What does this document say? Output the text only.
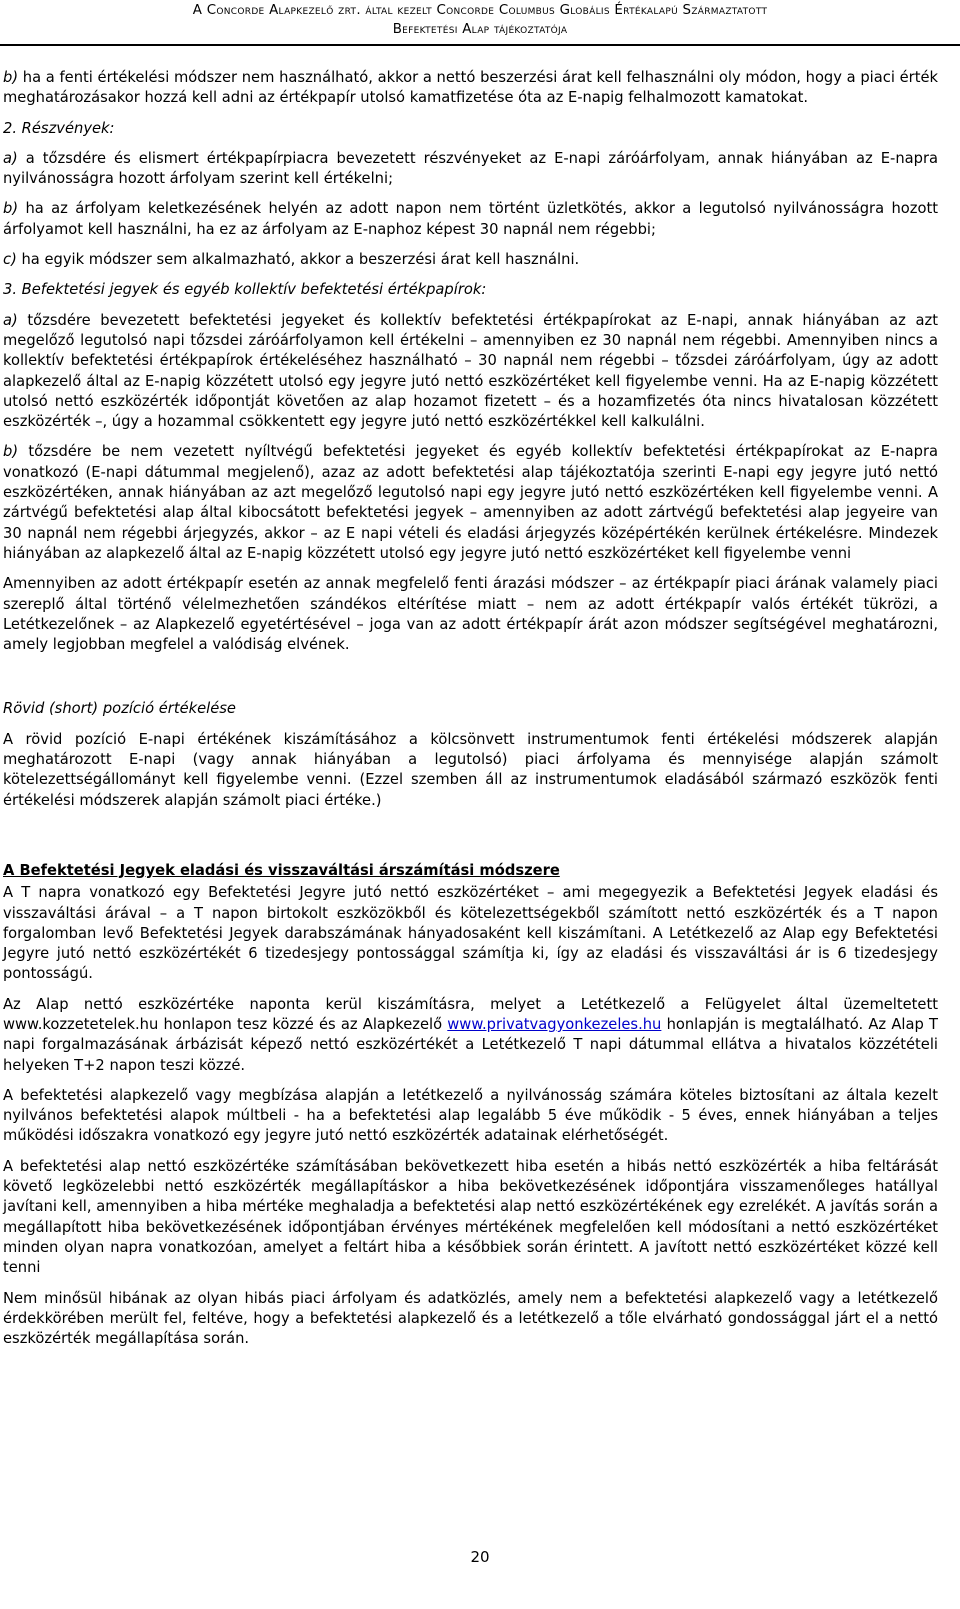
A Concorde Alapkezelő zrt. által kezelt Concorde Columbus Globális Értékalapú Származtatott
Befektetési Alap tájékoztatója

b) ha a fenti értékelési módszer nem használható, akkor a nettó beszerzési árat kell felhasználni oly módon, hogy a piaci érték meghatározásakor hozzá kell adni az értékpapír utolsó kamatfizetése óta az E-napig felhalmozott kamatokat.

2. Részvények:

a) a tőzsdére és elismert értékpapírpiacra bevezetett részvényeket az E-napi záróárfolyam, annak hiányában az E-napra nyilvánosságra hozott árfolyam szerint kell értékelni;

b) ha az árfolyam keletkezésének helyén az adott napon nem történt üzletkötés, akkor a legutolsó nyilvánosságra hozott árfolyamot kell használni, ha ez az árfolyam az E-naphoz képest 30 napnál nem régebbi;

c) ha egyik módszer sem alkalmazható, akkor a beszerzési árat kell használni.

3. Befektetési jegyek és egyéb kollektív befektetési értékpapírok:

a) tőzsdére bevezetett befektetési jegyeket és kollektív befektetési értékpapírokat az E-napi, annak hiányában az azt megelőző legutolsó napi tőzsdei záróárfolyamon kell értékelni – amennyiben ez 30 napnál nem régebbi. Amennyiben nincs a kollektív befektetési értékpapírok értékeléséhez használható – 30 napnál nem régebbi – tőzsdei záróárfolyam, úgy az adott alapkezelő által az E-napig közzétett utolsó egy jegyre jutó nettó eszközértéket kell figyelembe venni. Ha az E-napig közzétett utolsó nettó eszközérték időpontját követően az alap hozamot fizetett – és a hozamfizetés óta nincs hivatalosan közzétett eszközérték –, úgy a hozammal csökkentett egy jegyre jutó nettó eszközértékkel kell kalkulálni.

b) tőzsdére be nem vezetett nyíltvégű befektetési jegyeket és egyéb kollektív befektetési értékpapírokat az E-napra vonatkozó (E-napi dátummal megjelenő), azaz az adott befektetési alap tájékoztatója szerinti E-napi egy jegyre jutó nettó eszközértéken, annak hiányában az azt megelőző legutolsó napi egy jegyre jutó nettó eszközértéken kell figyelembe venni. A zártvégű befektetési alap által kibocsátott befektetési jegyek – amennyiben az adott zártvégű befektetési alap jegyeire van 30 napnál nem régebbi árjegyzés, akkor – az E napi vételi és eladási árjegyzés középértékén kerülnek értékelésre. Mindezek hiányában az alapkezelő által az E-napig közzétett utolsó egy jegyre jutó nettó eszközértéket kell figyelembe venni

Amennyiben az adott értékpapír esetén az annak megfelelő fenti árazási módszer – az értékpapír piaci árának valamely piaci szereplő által történő vélelmezhetően szándékos eltérítése miatt – nem az adott értékpapír valós értékét tükrözi, a Letétkezelőnek – az Alapkezelő egyetértésével – joga van az adott értékpapír árát azon módszer segítségével meghatározni, amely legjobban megfelel a valódiság elvének.

Rövid (short) pozíció értékelése

A rövid pozíció E-napi értékének kiszámításához a kölcsönvett instrumentumok fenti értékelési módszerek alapján meghatározott E-napi (vagy annak hiányában a legutolsó) piaci árfolyama és mennyisége alapján számolt kötelezettségállományt kell figyelembe venni. (Ezzel szemben áll az instrumentumok eladásából származó eszközök fenti értékelési módszerek alapján számolt piaci értéke.)

A Befektetési Jegyek eladási és visszaváltási árszámítási módszere

A T napra vonatkozó egy Befektetési Jegyre jutó nettó eszközértéket – ami megegyezik a Befektetési Jegyek eladási és visszaváltási árával – a T napon birtokolt eszközökből és kötelezettségekből számított nettó eszközérték és a T napon forgalomban levő Befektetési Jegyek darabszámának hányadosaként kell kiszámítani. A Letétkezelő az Alap egy Befektetési Jegyre jutó nettó eszközértékét 6 tizedesjegy pontossággal számítja ki, így az eladási és visszaváltási ár is 6 tizedesjegy pontosságú.

Az Alap nettó eszközértéke naponta kerül kiszámításra, melyet a Letétkezelő a Felügyelet által üzemeltetett www.kozzetetelek.hu honlapon tesz közzé és az Alapkezelő www.privatvagyonkezeles.hu honlapján is megtalálható. Az Alap T napi forgalmazásának árbázisát képező nettó eszközértékét a Letétkezelő T napi dátummal ellátva a hivatalos közzétételi helyeken T+2 napon teszi közzé.

A befektetési alapkezelő vagy megbízása alapján a letétkezelő a nyilvánosság számára köteles biztosítani az általa kezelt nyilvános befektetési alapok múltbeli - ha a befektetési alap legalább 5 éve működik - 5 éves, ennek hiányában a teljes működési időszakra vonatkozó egy jegyre jutó nettó eszközérték adatainak elérhetőségét.

A befektetési alap nettó eszközértéke számításában bekövetkezett hiba esetén a hibás nettó eszközérték a hiba feltárását követő legközelebbi nettó eszközérték megállapításkor a hiba bekövetkezésének időpontjára visszamenőleges hatállyal javítani kell, amennyiben a hiba mértéke meghaladja a befektetési alap nettó eszközértékének egy ezrelékét. A javítás során a megállapított hiba bekövetkezésének időpontjában érvényes mértékének megfelelően kell módosítani a nettó eszközértéket minden olyan napra vonatkozóan, amelyet a feltárt hiba a későbbiek során érintett. A javított nettó eszközértéket közzé kell tenni

Nem minősül hibának az olyan hibás piaci árfolyam és adatközlés, amely nem a befektetési alapkezelő vagy a letétkezelő érdekkörében merült fel, feltéve, hogy a befektetési alapkezelő és a letétkezelő a tőle elvárható gondossággal járt el a nettó eszközérték megállapítása során.

20
